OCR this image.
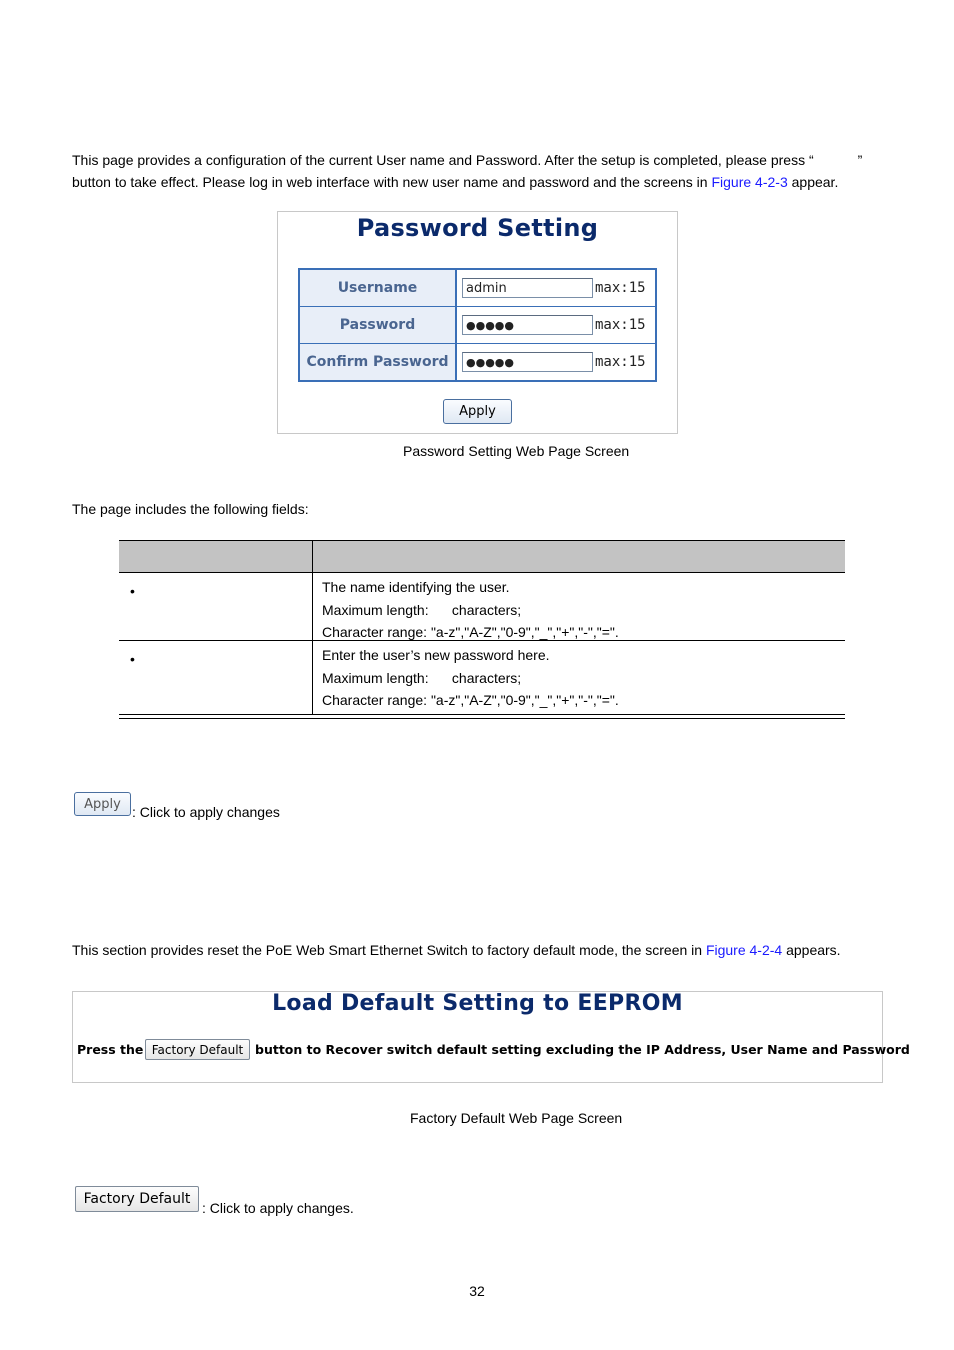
This page provides a configuration of the current User name and Password. After the setup is completed, please press “	”
button to take effect. Please log in web interface with new user name and password and the screens in Figure 4-2-3 appear.
Password Setting
Username	admin	max:15
Password	●●●●●	max:15
Confirm Password	●●●●●	max:15
Apply
Password Setting Web Page Screen
The page includes the following fields:
•	The name identifying the user.
Maximum length:      characters;
Character range: "a-z","A-Z","0-9","_","+","-","=".
•	Enter the user’s new password here.
Maximum length:      characters;
Character range: "a-z","A-Z","0-9","_","+","-","=".
Apply : Click to apply changes
This section provides reset the PoE Web Smart Ethernet Switch to factory default mode, the screen in Figure 4-2-4 appears.
Load Default Setting to EEPROM
Press the Factory Default button to Recover switch default setting excluding the IP Address, User Name and Password
Factory Default Web Page Screen
Factory Default
: Click to apply changes.
32
